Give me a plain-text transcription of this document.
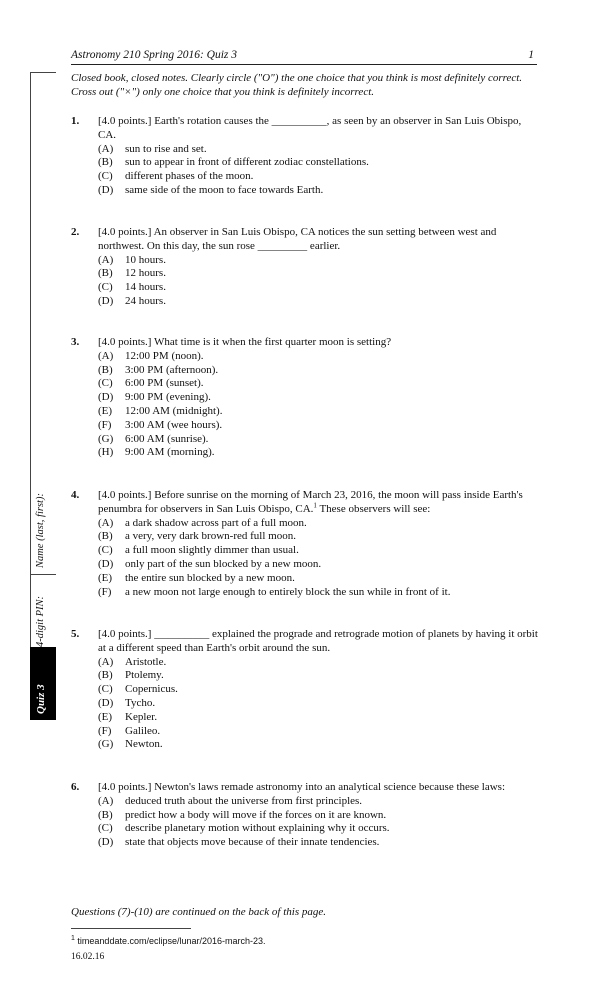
Astronomy 210 Spring 2016: Quiz 3	1
Name (last, first):
4-digit PIN:
Quiz 3
Closed book, closed notes. Clearly circle ("O") the one choice that you think is most definitely correct. Cross out ("×") only one choice that you think is definitely incorrect.
1. [4.0 points.] Earth's rotation causes the __________, as seen by an observer in San Luis Obispo, CA.
(A) sun to rise and set.
(B) sun to appear in front of different zodiac constellations.
(C) different phases of the moon.
(D) same side of the moon to face towards Earth.
2. [4.0 points.] An observer in San Luis Obispo, CA notices the sun setting between west and northwest. On this day, the sun rose _________ earlier.
(A) 10 hours.
(B) 12 hours.
(C) 14 hours.
(D) 24 hours.
3. [4.0 points.] What time is it when the first quarter moon is setting?
(A) 12:00 PM (noon).
(B) 3:00 PM (afternoon).
(C) 6:00 PM (sunset).
(D) 9:00 PM (evening).
(E) 12:00 AM (midnight).
(F) 3:00 AM (wee hours).
(G) 6:00 AM (sunrise).
(H) 9:00 AM (morning).
4. [4.0 points.] Before sunrise on the morning of March 23, 2016, the moon will pass inside Earth's penumbra for observers in San Luis Obispo, CA.$^1$ These observers will see:
(A) a dark shadow across part of a full moon.
(B) a very, very dark brown-red full moon.
(C) a full moon slightly dimmer than usual.
(D) only part of the sun blocked by a new moon.
(E) the entire sun blocked by a new moon.
(F) a new moon not large enough to entirely block the sun while in front of it.
5. [4.0 points.] __________ explained the prograde and retrograde motion of planets by having it orbit at a different speed than Earth's orbit around the sun.
(A) Aristotle.
(B) Ptolemy.
(C) Copernicus.
(D) Tycho.
(E) Kepler.
(F) Galileo.
(G) Newton.
6. [4.0 points.] Newton's laws remade astronomy into an analytical science because these laws:
(A) deduced truth about the universe from first principles.
(B) predict how a body will move if the forces on it are known.
(C) describe planetary motion without explaining why it occurs.
(D) state that objects move because of their innate tendencies.
Questions (7)-(10) are continued on the back of this page.
$^1$ timeanddate.com/eclipse/lunar/2016-march-23.
16.02.16
